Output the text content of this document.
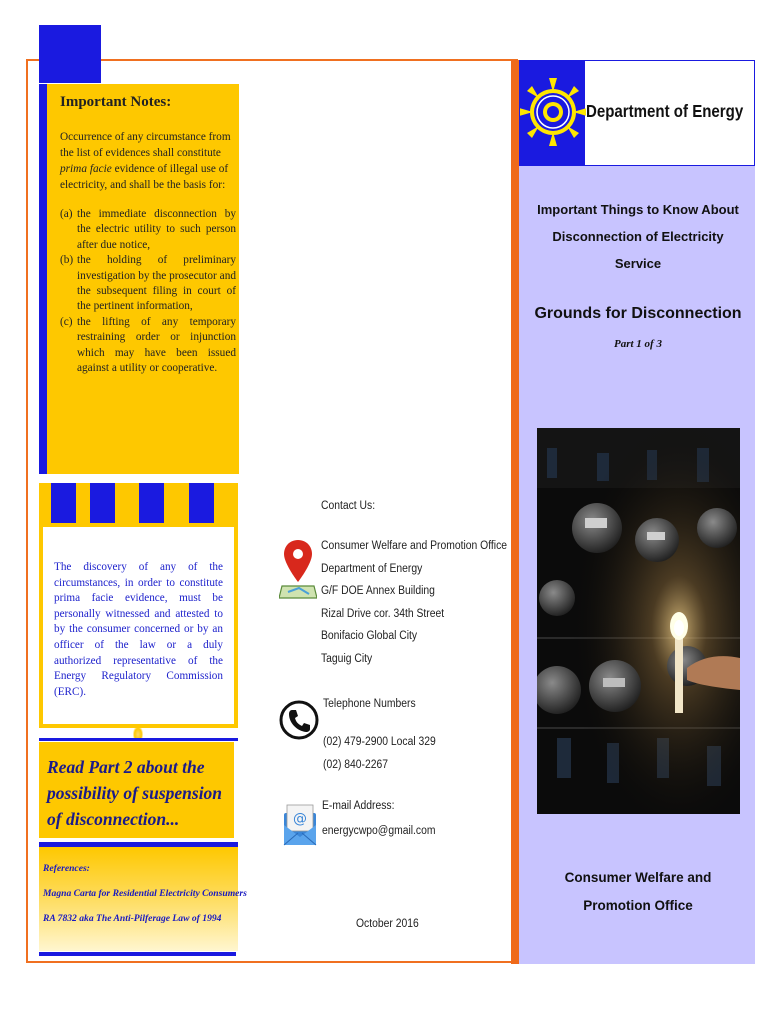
Important Notes:
Occurrence of any circumstance from the list of evidences shall constitute prima facie evidence of illegal use of electricity, and shall be the basis for:
(a) the immediate disconnection by the electric utility to such person after due notice,
(b) the holding of preliminary investigation by the prosecutor and the subsequent filing in court of the pertinent information,
(c) the lifting of any temporary restraining order or injunction which may have been issued against a utility or cooperative.
The discovery of any of the circumstances, in order to constitute prima facie evidence, must be personally witnessed and attested to by the consumer concerned or by an officer of the law or a duly authorized representative of the Energy Regulatory Commission (ERC).
Read Part 2 about the possibility of suspension of disconnection...
References:
Magna Carta for Residential Electricity Consumers
RA 7832 aka The Anti-Pilferage Law of 1994
Contact Us:
Consumer Welfare and Promotion Office
Department of Energy
G/F DOE Annex Building
Rizal Drive cor. 34th Street
Bonifacio Global City
Taguig City
Telephone Numbers
(02) 479-2900 Local 329
(02) 840-2267
@
E-mail Address:
energycwpo@gmail.com
October 2016
Department of Energy
Important Things to Know About
Disconnection of Electricity
Service
Grounds for Disconnection
Part 1 of 3
Consumer Welfare and
Promotion Office
